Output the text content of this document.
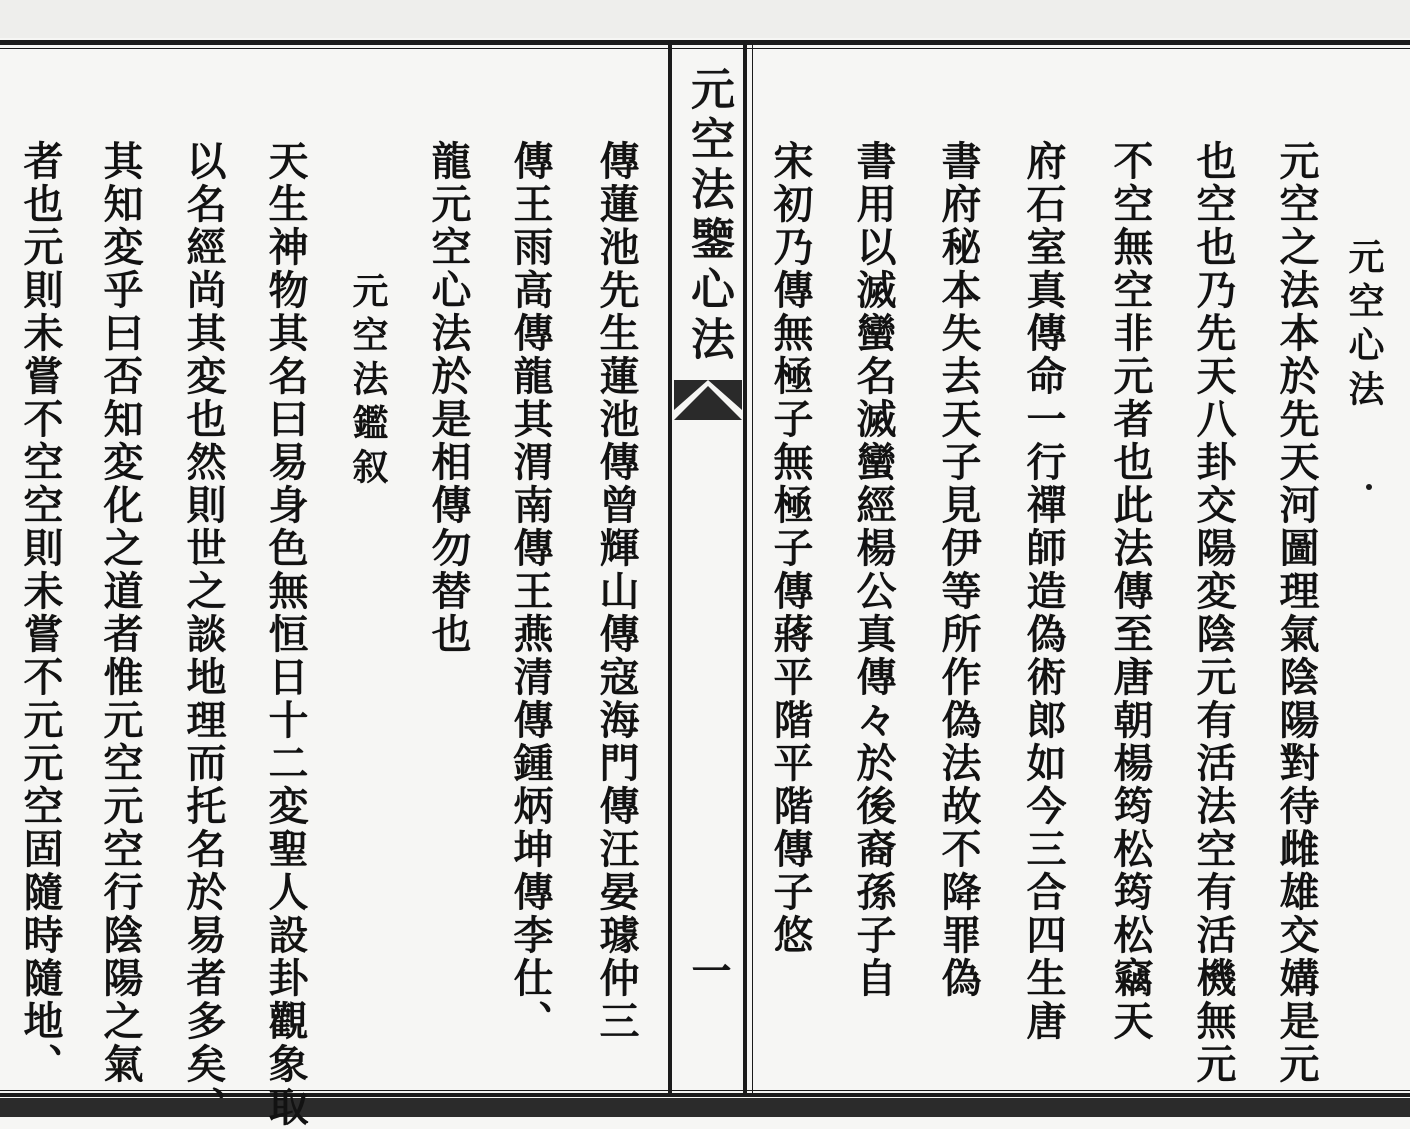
元空法鑒心法
一
元空心法
元空之法本於先天河圖理氣陰陽對待雌雄交媾是元
也空也乃先天八卦交陽変陰元有活法空有活機無元
不空無空非元者也此法傳至唐朝楊筠松筠松竊天
府石室真傳命一行禪師造偽術郎如今三合四生唐
書府秘本失去天子見伊等所作偽法故不降罪偽
書用以滅蠻名滅蠻經楊公真傳々於後裔孫子自
宋初乃傳無極子無極子傳蔣平階平階傳子悠
傳蓮池先生蓮池傳曾輝山傳寇海門傳汪晏璩仲三
傳王雨高傳龍其渭南傳王燕清傳鍾炳坤傳李仕、
龍元空心法於是相傳勿替也
元空法鑑叙
天生神物其名曰易身色無恒日十二変聖人設卦觀象取
以名經尚其変也然則世之談地理而托名於易者多矣、
其知変乎曰否知変化之道者惟元空元空行陰陽之氣
者也元則未嘗不空空則未嘗不元元空固隨時隨地、
